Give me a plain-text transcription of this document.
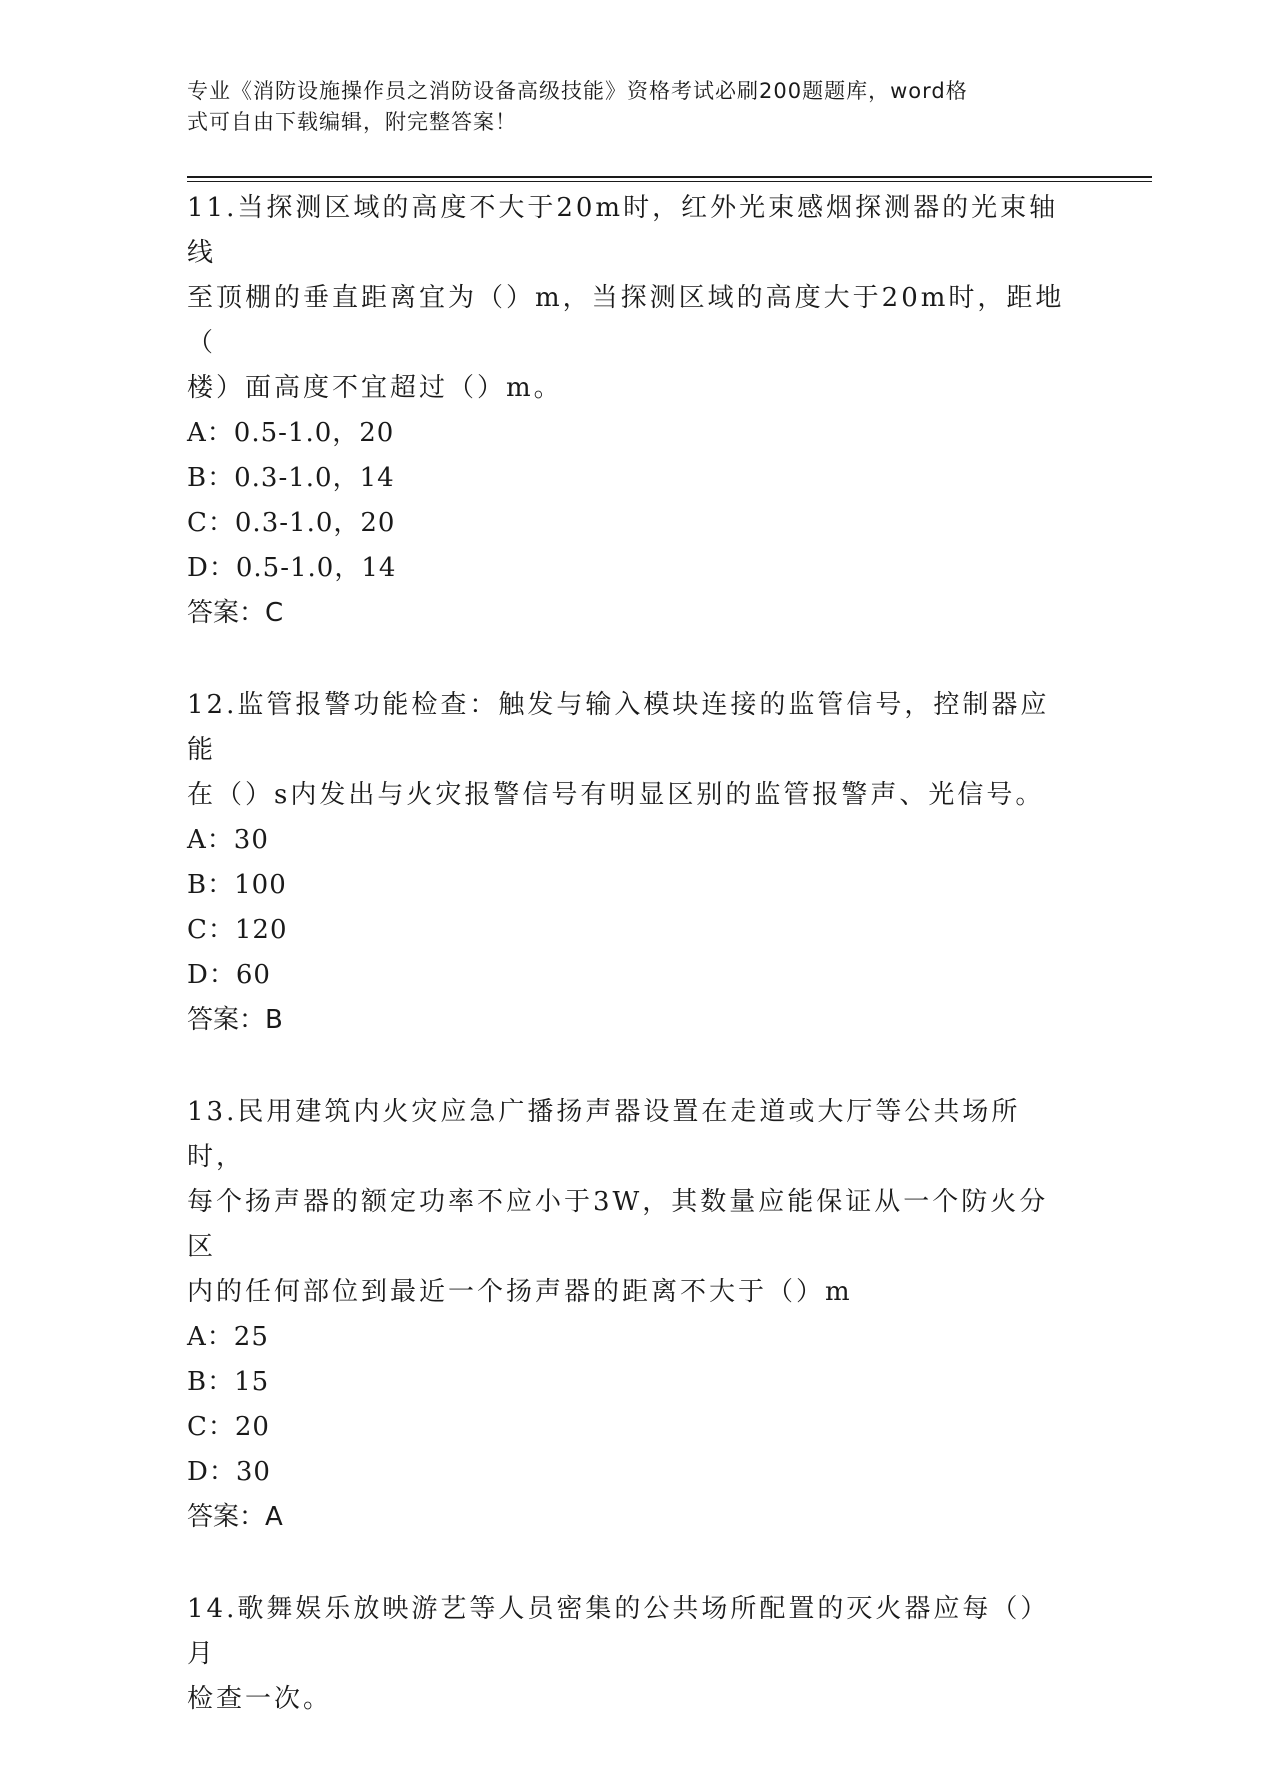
专业《消防设施操作员之消防设备高级技能》资格考试必刷200题题库，word格
式可自由下载编辑，附完整答案！

11.当探测区域的高度不大于20m时，红外光束感烟探测器的光束轴线

至顶棚的垂直距离宜为（）m，当探测区域的高度大于20m时，距地（

楼）面高度不宜超过（）m。

A：0.5-1.0，20

B：0.3-1.0，14

C：0.3-1.0，20

D：0.5-1.0，14

答案：C

12.监管报警功能检查：触发与输入模块连接的监管信号，控制器应能

在（）s内发出与火灾报警信号有明显区别的监管报警声、光信号。

A：30

B：100

C：120

D：60

答案：B

13.民用建筑内火灾应急广播扬声器设置在走道或大厅等公共场所时，

每个扬声器的额定功率不应小于3W，其数量应能保证从一个防火分区

内的任何部位到最近一个扬声器的距离不大于（）m

A：25

B：15

C：20

D：30

答案：A

14.歌舞娱乐放映游艺等人员密集的公共场所配置的灭火器应每（）月

检查一次。
